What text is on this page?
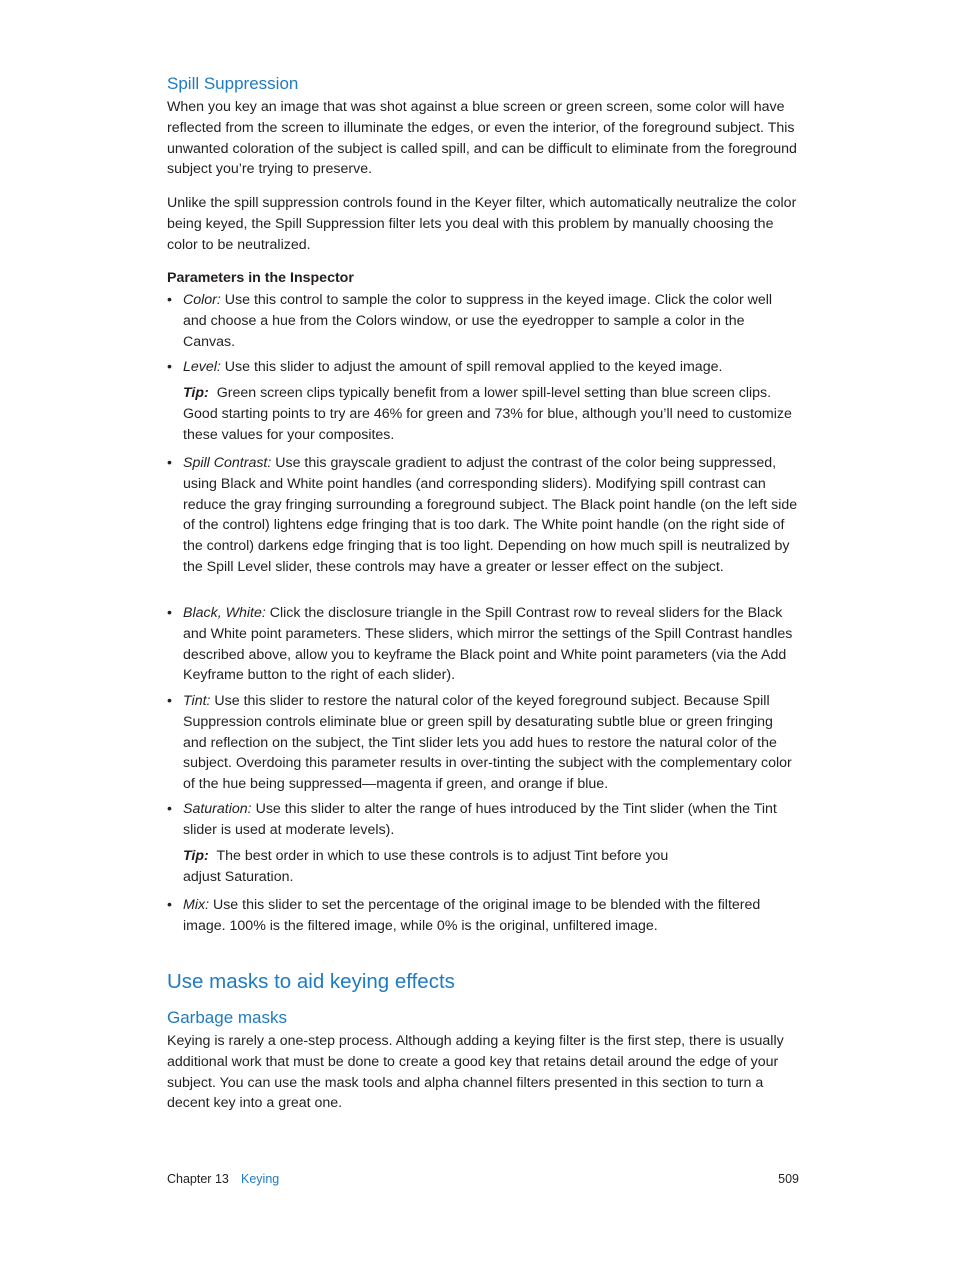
Spill Suppression

When you key an image that was shot against a blue screen or green screen, some color will have reflected from the screen to illuminate the edges, or even the interior, of the foreground subject. This unwanted coloration of the subject is called spill, and can be difficult to eliminate from the foreground subject you’re trying to preserve.

Unlike the spill suppression controls found in the Keyer filter, which automatically neutralize the color being keyed, the Spill Suppression filter lets you deal with this problem by manually choosing the color to be neutralized.

Parameters in the Inspector

• Color: Use this control to sample the color to suppress in the keyed image. Click the color well and choose a hue from the Colors window, or use the eyedropper to sample a color in the Canvas.
• Level: Use this slider to adjust the amount of spill removal applied to the keyed image.
Tip: Green screen clips typically benefit from a lower spill-level setting than blue screen clips. Good starting points to try are 46% for green and 73% for blue, although you’ll need to customize these values for your composites.
• Spill Contrast: Use this grayscale gradient to adjust the contrast of the color being suppressed, using Black and White point handles (and corresponding sliders). Modifying spill contrast can reduce the gray fringing surrounding a foreground subject. The Black point handle (on the left side of the control) lightens edge fringing that is too dark. The White point handle (on the right side of the control) darkens edge fringing that is too light. Depending on how much spill is neutralized by the Spill Level slider, these controls may have a greater or lesser effect on the subject.
• Black, White: Click the disclosure triangle in the Spill Contrast row to reveal sliders for the Black and White point parameters. These sliders, which mirror the settings of the Spill Contrast handles described above, allow you to keyframe the Black point and White point parameters (via the Add Keyframe button to the right of each slider).
• Tint: Use this slider to restore the natural color of the keyed foreground subject. Because Spill Suppression controls eliminate blue or green spill by desaturating subtle blue or green fringing and reflection on the subject, the Tint slider lets you add hues to restore the natural color of the subject. Overdoing this parameter results in over-tinting the subject with the complementary color of the hue being suppressed—magenta if green, and orange if blue.
• Saturation: Use this slider to alter the range of hues introduced by the Tint slider (when the Tint slider is used at moderate levels).
Tip: The best order in which to use these controls is to adjust Tint before you adjust Saturation.
• Mix: Use this slider to set the percentage of the original image to be blended with the filtered image. 100% is the filtered image, while 0% is the original, unfiltered image.
Use masks to aid keying effects
Garbage masks

Keying is rarely a one-step process. Although adding a keying filter is the first step, there is usually additional work that must be done to create a good key that retains detail around the edge of your subject. You can use the mask tools and alpha channel filters presented in this section to turn a decent key into a great one.

Chapter 13 Keying	509
